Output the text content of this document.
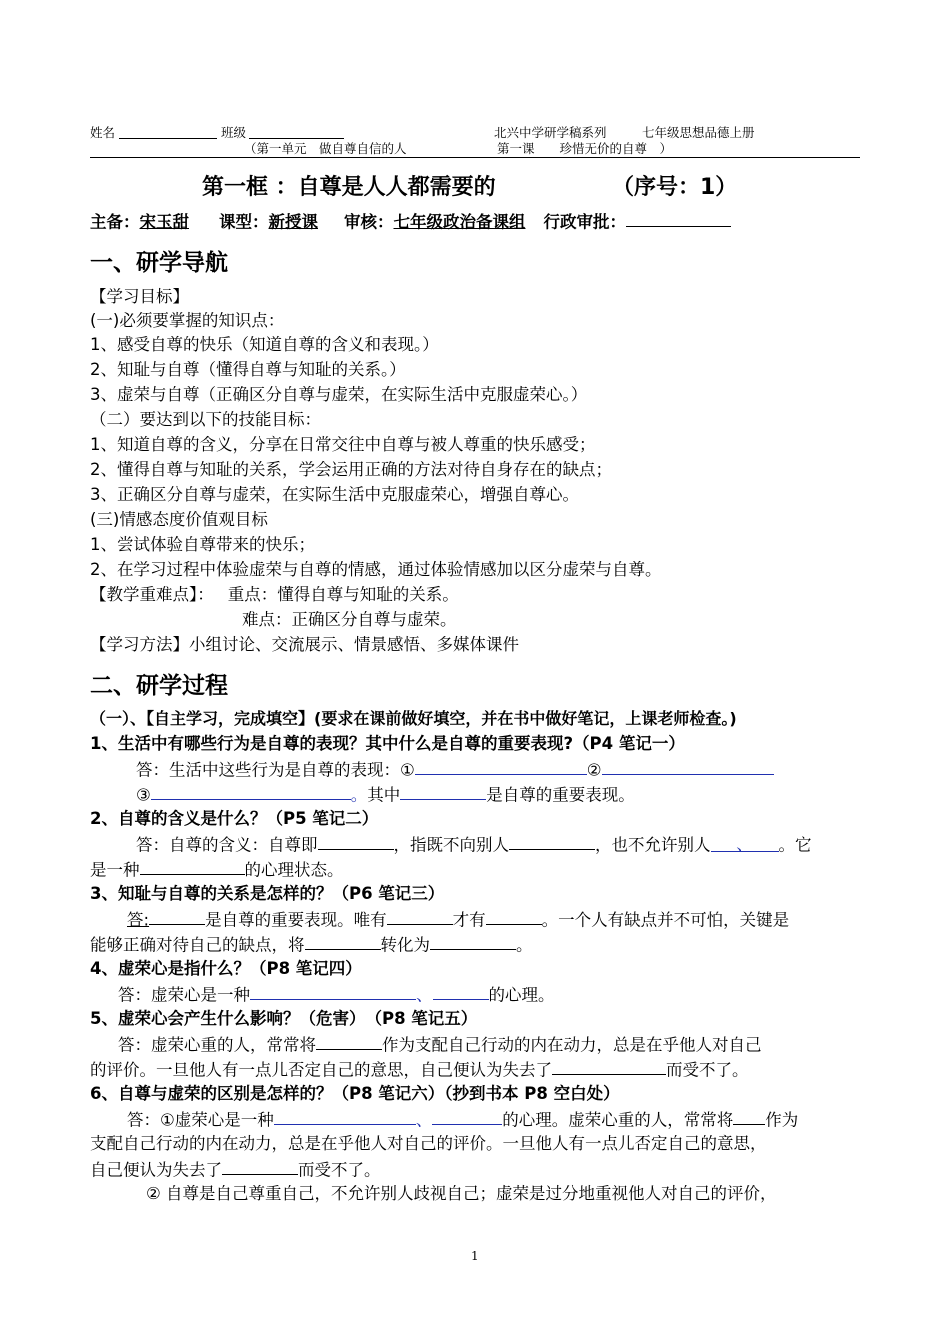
姓名	班级	北兴中学研学稿系列	七年级思想品德上册
（第一单元　做自尊自信的人	第一课　　珍惜无价的自尊　）
第一框 ：自尊是人人都需要的	（序号：1）
主备：宋玉甜 课型：新授课 审核：七年级政治备课组 行政审批：
一、研学导航
【学习目标】
(一)必须要掌握的知识点：
1、感受自尊的快乐（知道自尊的含义和表现。）
2、知耻与自尊（懂得自尊与知耻的关系。）
3、虚荣与自尊（正确区分自尊与虚荣，在实际生活中克服虚荣心。）
（二）要达到以下的技能目标：
1、知道自尊的含义，分享在日常交往中自尊与被人尊重的快乐感受；
2、懂得自尊与知耻的关系，学会运用正确的方法对待自身存在的缺点；
3、正确区分自尊与虚荣，在实际生活中克服虚荣心，增强自尊心。
(三)情感态度价值观目标
1、尝试体验自尊带来的快乐；
2、在学习过程中体验虚荣与自尊的情感，通过体验情感加以区分虚荣与自尊。
【教学重难点】： 重点：懂得自尊与知耻的关系。
难点：正确区分自尊与虚荣。
【学习方法】小组讨论、交流展示、情景感悟、多媒体课件
二、研学过程
（一）、【自主学习，完成填空】(要求在课前做好填空，并在书中做好笔记，上课老师检查。)
1、生活中有哪些行为是自尊的表现？其中什么是自尊的重要表现?（P4 笔记一）
答：生活中这些行为是自尊的表现：①	②
③	。其中	是自尊的重要表现。
2、自尊的含义是什么？（P5 笔记二）
答：自尊的含义：自尊即	，指既不向别人	，也不允许别人 、 。它
是一种	的心理状态。
3、知耻与自尊的关系是怎样的？（P6 笔记三）
答:	是自尊的重要表现。唯有	才有	。一个人有缺点并不可怕，关键是
能够正确对待自己的缺点，将	转化为	。
4、虚荣心是指什么？（P8 笔记四）
答：虚荣心是一种	、	的心理。
5、虚荣心会产生什么影响？（危害）　（P8 笔记五）
答：虚荣心重的人，常常将	作为支配自己行动的内在动力，总是在乎他人对自己
的评价。一旦他人有一点儿否定自己的意思，自己便认为失去了	而受不了。
6、自尊与虚荣的区别是怎样的？（P8 笔记六）（抄到书本 P8 空白处）
答：①虚荣心是一种	、	的心理。虚荣心重的人，常常将 作为
支配自己行动的内在动力，总是在乎他人对自己的评价。一旦他人有一点儿否定自己的意思，
自己便认为失去了	而受不了。
② 自尊是自己尊重自己，不允许别人歧视自己；虚荣是过分地重视他人对自己的评价，
1
